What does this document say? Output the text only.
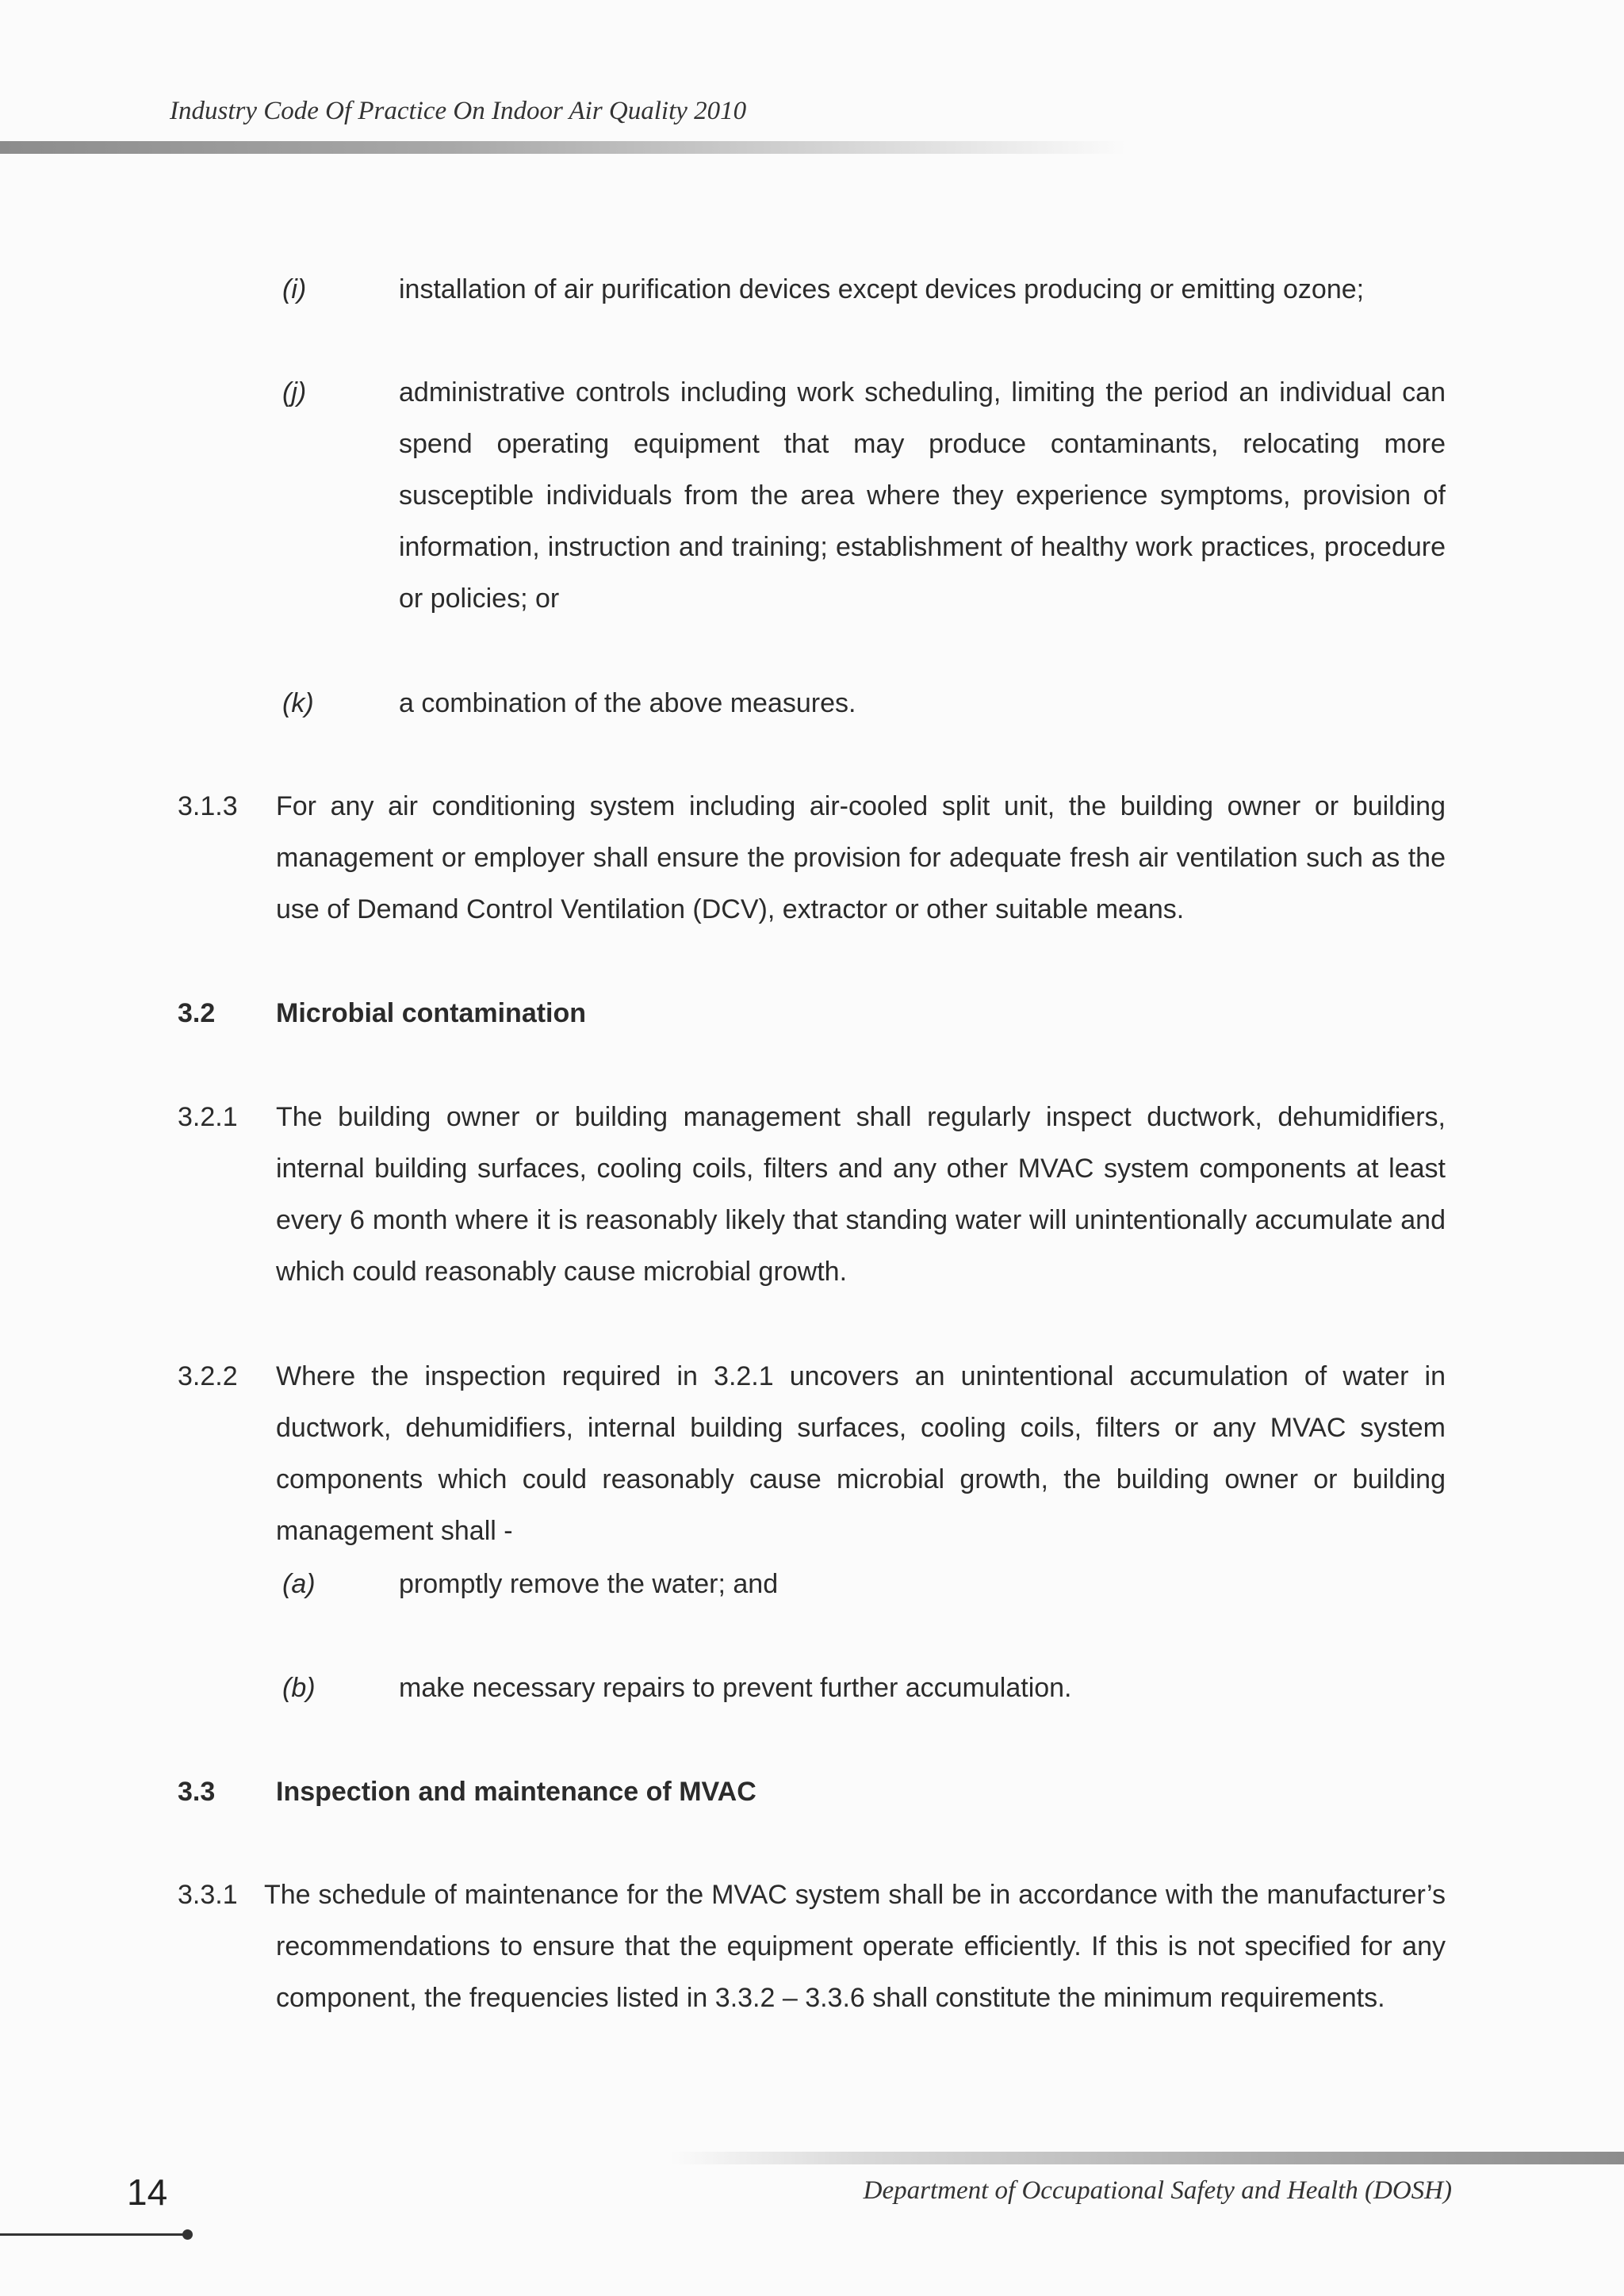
Industry Code Of Practice On Indoor Air Quality 2010
(i)	installation of air purification devices except devices producing or emitting ozone;
(j)	administrative controls including work scheduling, limiting the period an individual can spend operating equipment that may produce contaminants, relocating more susceptible individuals from the area where they experience symptoms, provision of information, instruction and training; establishment of healthy work practices, procedure or policies; or
(k)	a combination of the above measures.
3.1.3 For any air conditioning system including air-cooled split unit, the building owner or building management or employer shall ensure the provision for adequate fresh air ventilation such as the use of Demand Control Ventilation (DCV), extractor or other suitable means.
3.2 Microbial contamination
3.2.1 The building owner or building management shall regularly inspect ductwork, dehumidifiers, internal building surfaces, cooling coils, filters and any other MVAC system components at least every 6 month where it is reasonably likely that standing water will unintentionally accumulate and which could reasonably cause microbial growth.
3.2.2 Where the inspection required in 3.2.1 uncovers an unintentional accumulation of water in ductwork, dehumidifiers, internal building surfaces, cooling coils, filters or any MVAC system components which could reasonably cause microbial growth, the building owner or building management shall -
(a)	promptly remove the water; and
(b)	make necessary repairs to prevent further accumulation.
3.3 Inspection and maintenance of MVAC
3.3.1 The schedule of maintenance for the MVAC system shall be in accordance with the manufacturer’s recommendations to ensure that the equipment operate efficiently. If this is not specified for any component, the frequencies listed in 3.3.2 – 3.3.6 shall constitute the minimum requirements.
14	Department of Occupational Safety and Health (DOSH)
